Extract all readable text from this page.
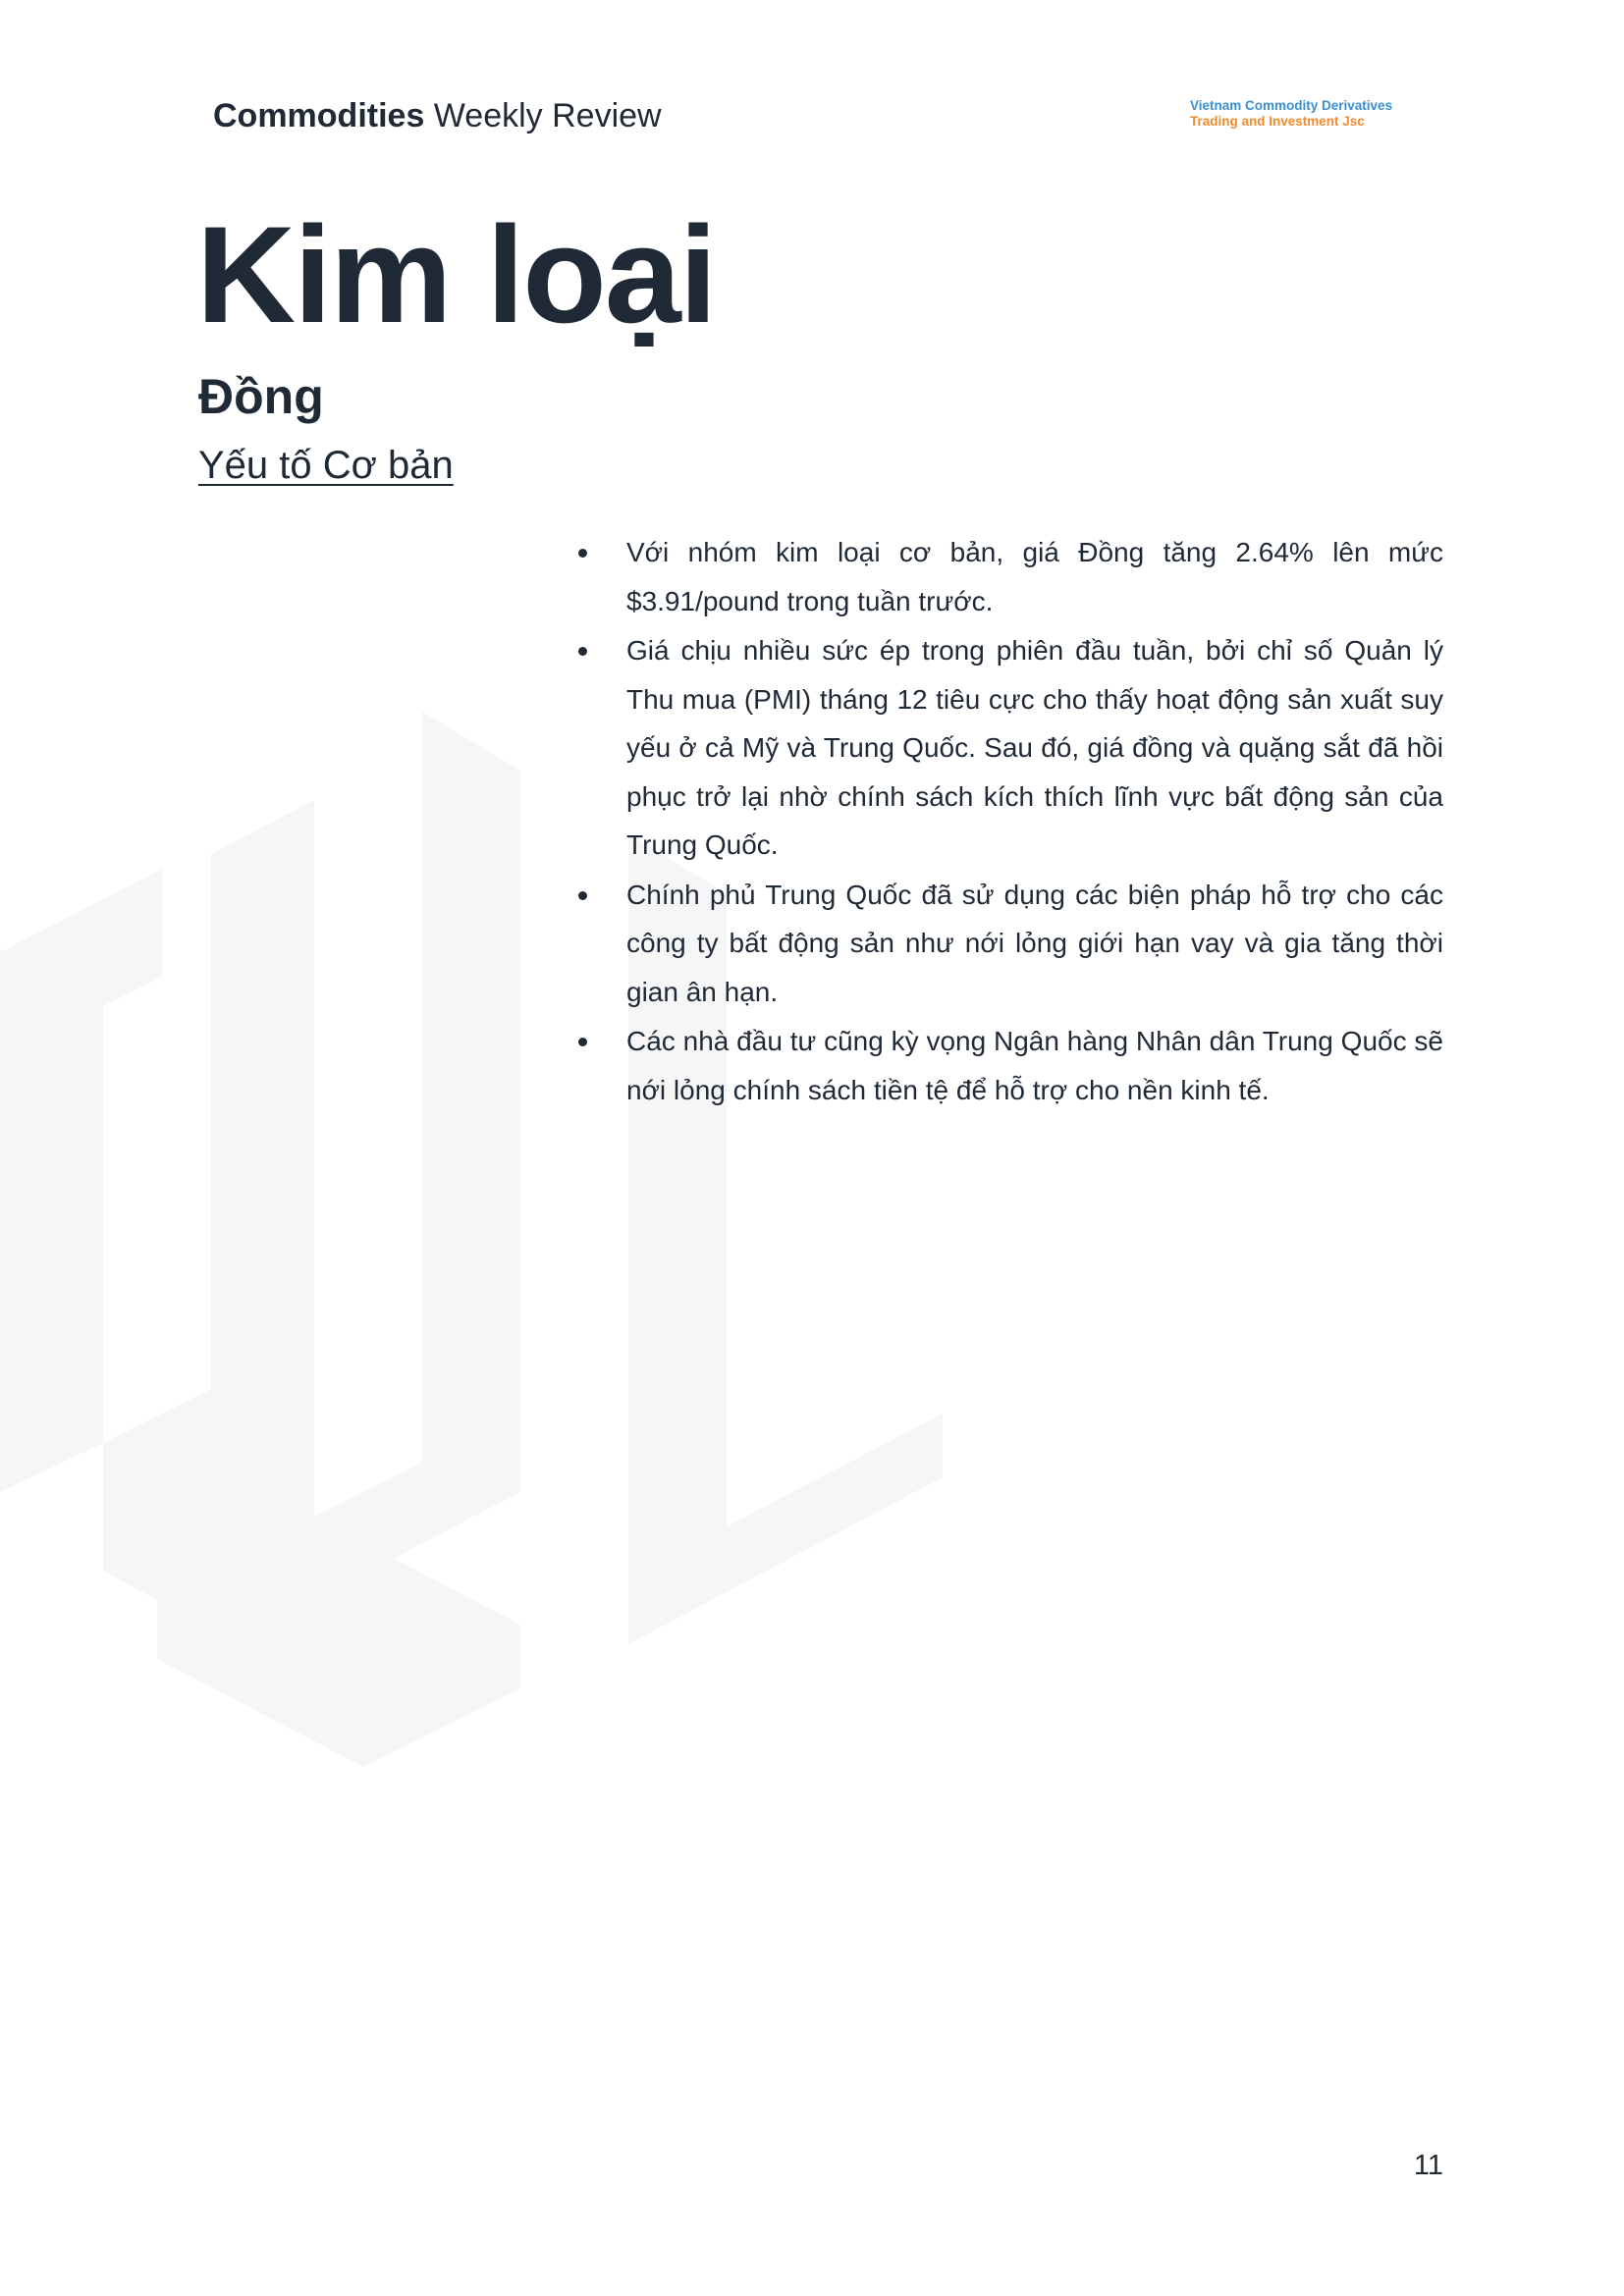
Commodities Weekly Review	Vietnam Commodity Derivatives
Trading and Investment Jsc
Kim loại
Đồng
Yếu tố Cơ bản
Với nhóm kim loại cơ bản, giá Đồng tăng 2.64% lên mức $3.91/pound trong tuần trước.
Giá chịu nhiều sức ép trong phiên đầu tuần, bởi chỉ số Quản lý Thu mua (PMI) tháng 12 tiêu cực cho thấy hoạt động sản xuất suy yếu ở cả Mỹ và Trung Quốc. Sau đó, giá đồng và quặng sắt đã hồi phục trở lại nhờ chính sách kích thích lĩnh vực bất động sản của Trung Quốc.
Chính phủ Trung Quốc đã sử dụng các biện pháp hỗ trợ cho các công ty bất động sản như nới lỏng giới hạn vay và gia tăng thời gian ân hạn.
Các nhà đầu tư cũng kỳ vọng Ngân hàng Nhân dân Trung Quốc sẽ nới lỏng chính sách tiền tệ để hỗ trợ cho nền kinh tế.
11
